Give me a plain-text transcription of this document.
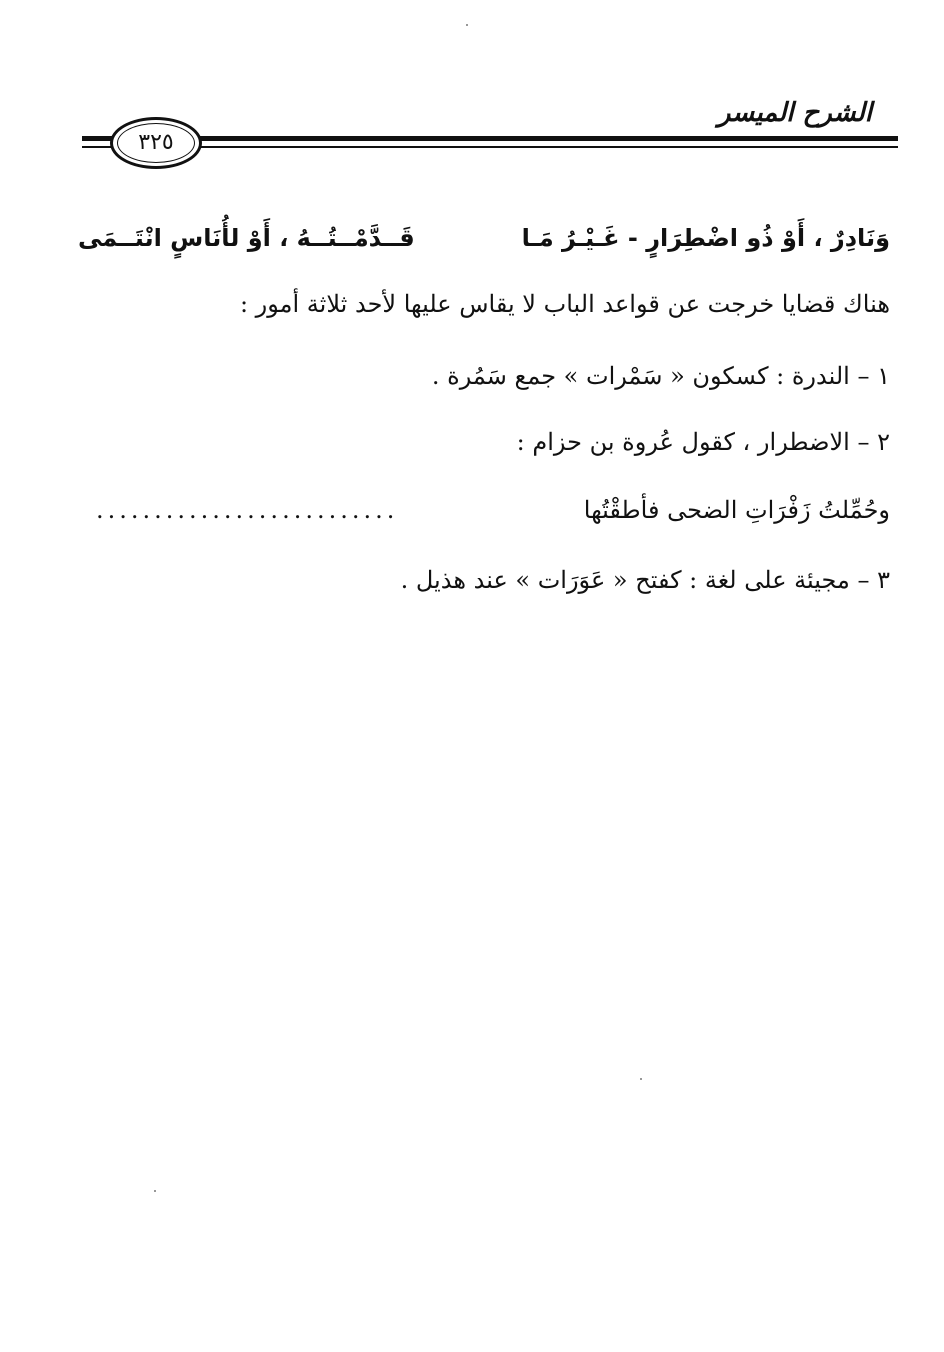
الشرح الميسر
٣٢٥
وَنَادِرٌ ، أَوْ ذُو اضْطِرَارٍ - غَـيْـرُ مَـا
قَــدَّمْــتُــهُ ، أَوْ لأُنَاسٍ انْتَــمَى

هناك قضايا خرجت عن قواعد الباب لا يقاس عليها لأحد ثلاثة أمور :

١ – الندرة : كسكون « سَمْرات » جمع سَمُرة .

٢ – الاضطرار ، كقول عُروة بن حزام :

وحُمِّلتُ زَفْرَاتِ الضحى فأطقْتُها
..........................

٣ – مجيئة على لغة : كفتح « عَوَرَات » عند هذيل .
